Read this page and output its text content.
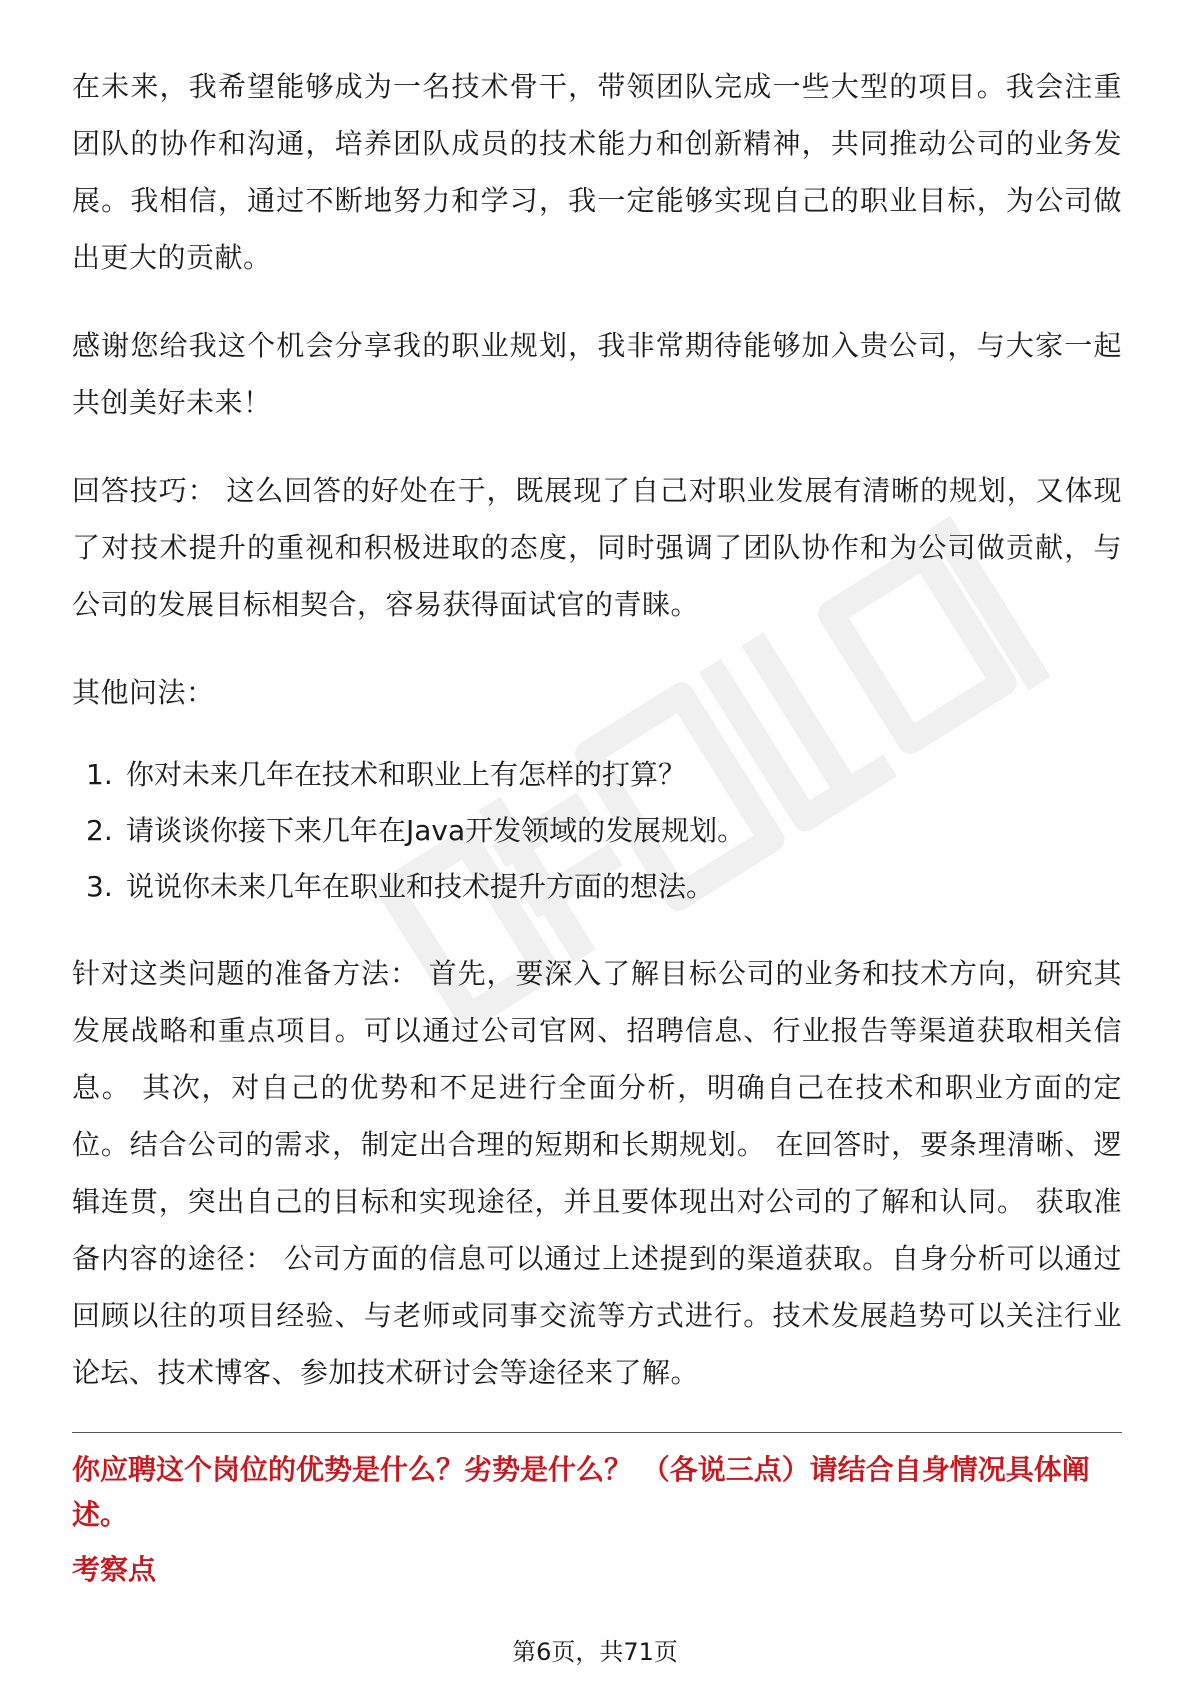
在未来，我希望能够成为一名技术骨干，带领团队完成一些大型的项目。我会注重团队的协作和沟通，培养团队成员的技术能力和创新精神，共同推动公司的业务发展。我相信，通过不断地努力和学习，我一定能够实现自己的职业目标，为公司做出更大的贡献。

感谢您给我这个机会分享我的职业规划，我非常期待能够加入贵公司，与大家一起共创美好未来！

回答技巧： 这么回答的好处在于，既展现了自己对职业发展有清晰的规划，又体现了对技术提升的重视和积极进取的态度，同时强调了团队协作和为公司做贡献，与公司的发展目标相契合，容易获得面试官的青睐。

其他问法：

1. 你对未来几年在技术和职业上有怎样的打算？
2. 请谈谈你接下来几年在Java开发领域的发展规划。
3. 说说你未来几年在职业和技术提升方面的想法。

针对这类问题的准备方法： 首先，要深入了解目标公司的业务和技术方向，研究其发展战略和重点项目。可以通过公司官网、招聘信息、行业报告等渠道获取相关信息。 其次，对自己的优势和不足进行全面分析，明确自己在技术和职业方面的定位。结合公司的需求，制定出合理的短期和长期规划。 在回答时，要条理清晰、逻辑连贯，突出自己的目标和实现途径，并且要体现出对公司的了解和认同。 获取准备内容的途径： 公司方面的信息可以通过上述提到的渠道获取。自身分析可以通过回顾以往的项目经验、与老师或同事交流等方式进行。技术发展趋势可以关注行业论坛、技术博客、参加技术研讨会等途径来了解。

你应聘这个岗位的优势是什么？劣势是什么？ （各说三点）请结合自身情况具体阐述。

考察点

第6页，共71页
